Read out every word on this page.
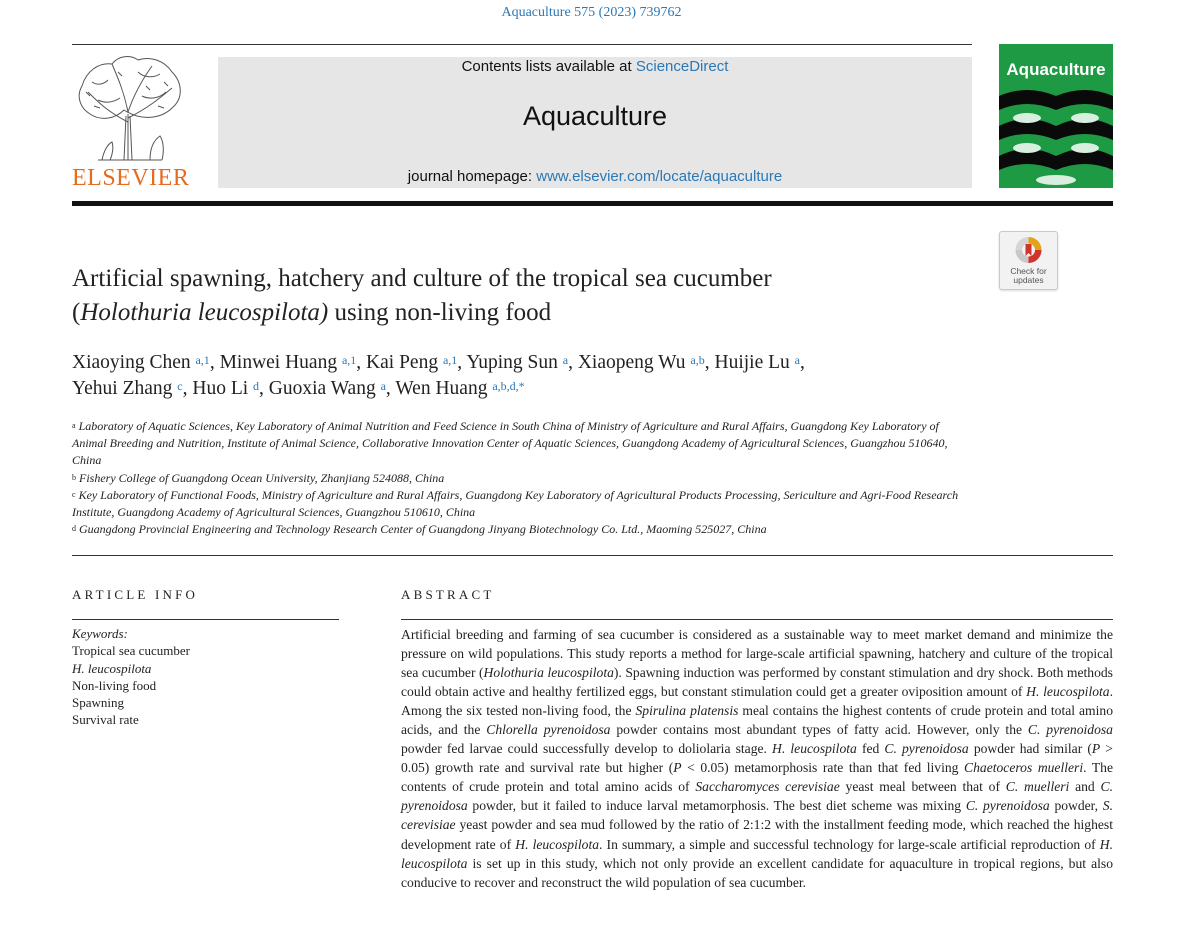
Aquaculture 575 (2023) 739762
ELSEVIER
Contents lists available at ScienceDirect
Aquaculture
journal homepage: www.elsevier.com/locate/aquaculture
Aquaculture
Check for
updates
Artificial spawning, hatchery and culture of the tropical sea cucumber
(Holothuria leucospilota) using non-living food
Xiaoying Chen $^{a,1}$, Minwei Huang $^{a,1}$, Kai Peng $^{a,1}$, Yuping Sun $^a$, Xiaopeng Wu $^{a,b}$, Huijie Lu $^a$,
Yehui Zhang $^c$, Huo Li $^d$, Guoxia Wang $^a$, Wen Huang $^{a,b,d,*}$
$^a$ Laboratory of Aquatic Sciences, Key Laboratory of Animal Nutrition and Feed Science in South China of Ministry of Agriculture and Rural Affairs, Guangdong Key Laboratory of Animal Breeding and Nutrition, Institute of Animal Science, Collaborative Innovation Center of Aquatic Sciences, Guangdong Academy of Agricultural Sciences, Guangzhou 510640, China
$^b$ Fishery College of Guangdong Ocean University, Zhanjiang 524088, China
$^c$ Key Laboratory of Functional Foods, Ministry of Agriculture and Rural Affairs, Guangdong Key Laboratory of Agricultural Products Processing, Sericulture and Agri-Food Research Institute, Guangdong Academy of Agricultural Sciences, Guangzhou 510610, China
$^d$ Guangdong Provincial Engineering and Technology Research Center of Guangdong Jinyang Biotechnology Co. Ltd., Maoming 525027, China
ARTICLE INFO	ABSTRACT
Keywords:
Tropical sea cucumber
H. leucospilota
Non-living food
Spawning
Survival rate
Artificial breeding and farming of sea cucumber is considered as a sustainable way to meet market demand and minimize the pressure on wild populations. This study reports a method for large-scale artificial spawning, hatchery and culture of the tropical sea cucumber (Holothuria leucospilota). Spawning induction was performed by constant stimulation and dry shock. Both methods could obtain active and healthy fertilized eggs, but constant stimulation could get a greater oviposition amount of H. leucospilota. Among the six tested non-living food, the Spirulina platensis meal contains the highest contents of crude protein and total amino acids, and the Chlorella pyrenoidosa powder contains most abundant types of fatty acid. However, only the C. pyrenoidosa powder fed larvae could successfully develop to doliolaria stage. H. leucospilota fed C. pyrenoidosa powder had similar (P > 0.05) growth rate and survival rate but higher (P < 0.05) metamorphosis rate than that fed living Chaetoceros muelleri. The contents of crude protein and total amino acids of Saccharomyces cerevisiae yeast meal between that of C. muelleri and C. pyrenoidosa powder, but it failed to induce larval metamorphosis. The best diet scheme was mixing C. pyrenoidosa powder, S. cerevisiae yeast powder and sea mud followed by the ratio of 2:1:2 with the installment feeding mode, which reached the highest development rate of H. leucospilota. In summary, a simple and successful technology for large-scale artificial reproduction of H. leucospilota is set up in this study, which not only provide an excellent candidate for aquaculture in tropical regions, but also conducive to recover and reconstruct the wild population of sea cucumber.
